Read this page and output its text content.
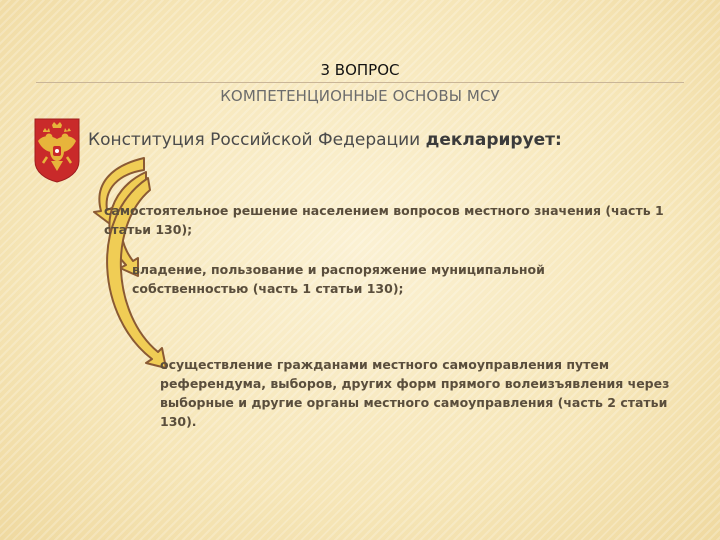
3 ВОПРОС
КОМПЕТЕНЦИОННЫЕ ОСНОВЫ МСУ
Конституция Российской Федерации декларирует:
самостоятельное решение населением вопросов местного значения (часть 1 статьи 130);
владение, пользование и распоряжение муниципальной собственностью (часть 1 статьи 130);
осуществление гражданами местного самоуправления путем референдума, выборов, других форм прямого волеизъявления через выборные и другие органы местного самоуправления (часть 2 статьи 130).
